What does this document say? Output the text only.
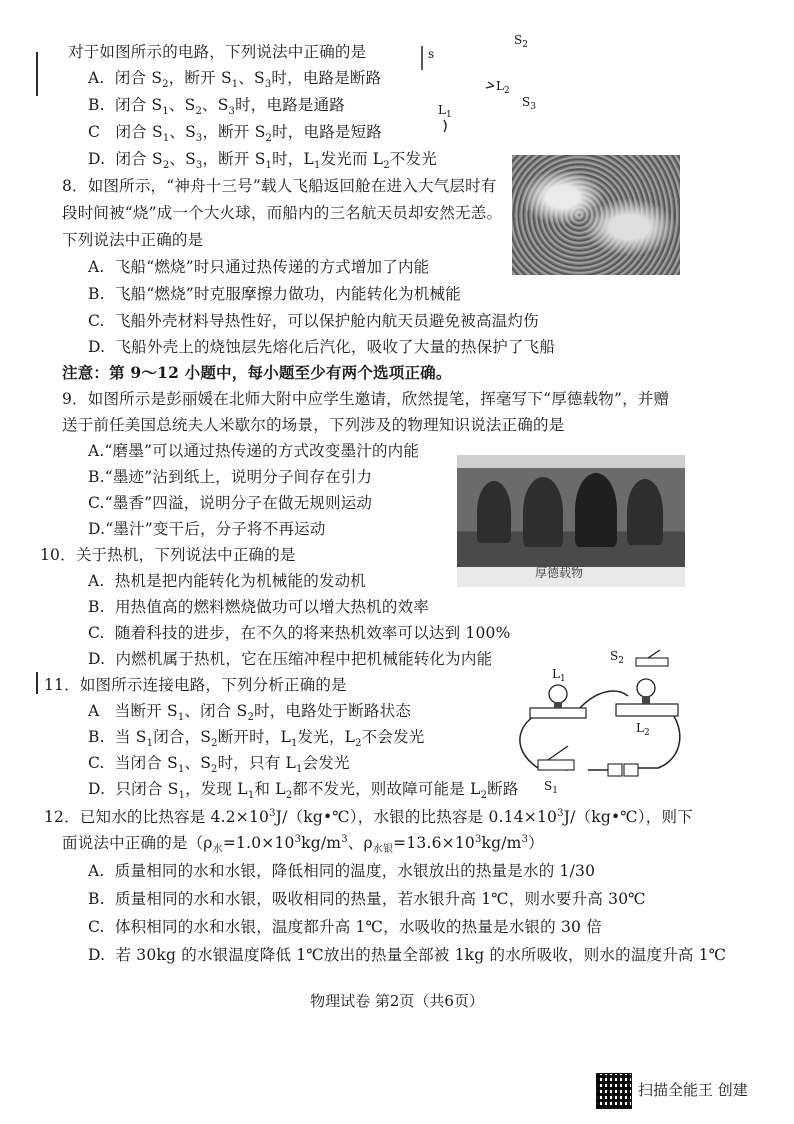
对于如图所示的电路，下列说法中正确的是
A. 闭合 $S_2$，断开 $S_1$、$S_3$时，电路是断路
B. 闭合 $S_1$、$S_2$、$S_3$时，电路是通路
C 闭合 $S_1$、$S_3$，断开 $S_2$时，电路是短路
D. 闭合 $S_2$、$S_3$，断开 $S_1$时，$L_1$发光而 $L_2$不发光
s
$S_2$
$L_2$
$S_3$
$L_1$
8．如图所示，“神舟十三号”载人飞船返回舱在进入大气层时有
段时间被“烧”成一个大火球，而船内的三名航天员却安然无恙。
下列说法中正确的是
A. 飞船“燃烧”时只通过热传递的方式增加了内能
B. 飞船“燃烧”时克服摩擦力做功，内能转化为机械能
C. 飞船外壳材料导热性好，可以保护舱内航天员避免被高温灼伤
D. 飞船外壳上的烧蚀层先熔化后汽化，吸收了大量的热保护了飞船
注意：第 9～12 小题中，每小题至少有两个选项正确。
9．如图所示是彭丽媛在北师大附中应学生邀请，欣然提笔，挥毫写下“厚德载物”，并赠
送于前任美国总统夫人米歇尔的场景，下列涉及的物理知识说法正确的是
A.“磨墨”可以通过热传递的方式改变墨汁的内能
B.“墨迹”沾到纸上，说明分子间存在引力
C.“墨香”四溢，说明分子在做无规则运动
D.“墨汁”变干后，分子将不再运动
厚德载物
10．关于热机，下列说法中正确的是
A. 热机是把内能转化为机械能的发动机
B. 用热值高的燃料燃烧做功可以增大热机的效率
C. 随着科技的进步，在不久的将来热机效率可以达到 100%
D. 内燃机属于热机，它在压缩冲程中把机械能转化为内能
11．如图所示连接电路，下列分析正确的是
A 当断开 $S_1$、闭合 $S_2$时，电路处于断路状态
B. 当 $S_1$闭合，$S_2$断开时，$L_1$发光，$L_2$不会发光
C. 当闭合 $S_1$、$S_2$时，只有 $L_1$会发光
D. 只闭合 $S_1$，发现 $L_1$和 $L_2$都不发光，则故障可能是 $L_2$断路
$L_1$
$L_2$
$S_2$
$S_1$
12．已知水的比热容是 $4.2\times 10^3J/(kg•℃)$，水银的比热容是 $0.14\times 10^3J/(kg•℃)$，则下
面说法中正确的是（$\rho_水=1.0\times 10^3kg/m^3$、$\rho_{水银}=13.6\times 10^3kg/m^3$）
A. 质量相同的水和水银，降低相同的温度，水银放出的热量是水的 1/30
B. 质量相同的水和水银，吸收相同的热量，若水银升高 1℃，则水要升高 30℃
C. 体积相同的水和水银，温度都升高 1℃，水吸收的热量是水银的 30 倍
D. 若 30kg 的水银温度降低 1℃放出的热量全部被 1kg 的水所吸收，则水的温度升高 1℃
物理试卷 第2页（共6页）
扫描全能王 创建
